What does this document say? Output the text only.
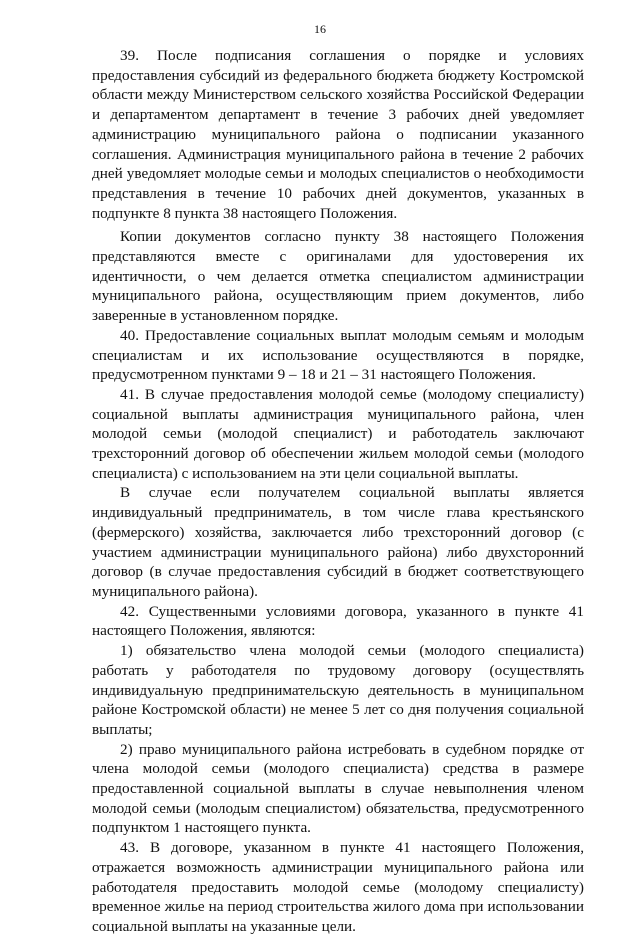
16

39. После подписания соглашения о порядке и условиях предоставления субсидий из федерального бюджета бюджету Костромской области между Министерством сельского хозяйства Российской Федерации и департаментом департамент в течение 3 рабочих дней уведомляет администрацию муниципального района о подписании указанного соглашения. Администрация муниципального района в течение 2 рабочих дней уведомляет молодые семьи и молодых специалистов о необходимости представления в течение 10 рабочих дней документов, указанных в подпункте 8 пункта 38 настоящего Положения.

Копии документов согласно пункту 38 настоящего Положения представляются вместе с оригиналами для удостоверения их идентичности, о чем делается отметка специалистом администрации муниципального района, осуществляющим прием документов, либо заверенные в установленном порядке.

40. Предоставление социальных выплат молодым семьям и молодым специалистам и их использование осуществляются в порядке, предусмотренном пунктами 9 – 18 и 21 – 31 настоящего Положения.

41. В случае предоставления молодой семье (молодому специалисту) социальной выплаты администрация муниципального района, член молодой семьи (молодой специалист) и работодатель заключают трехсторонний договор об обеспечении жильем молодой семьи (молодого специалиста) с использованием на эти цели социальной выплаты.

В случае если получателем социальной выплаты является индивидуальный предприниматель, в том числе глава крестьянского (фермерского) хозяйства, заключается либо трехсторонний договор (с участием администрации муниципального района) либо двухсторонний договор (в случае предоставления субсидий в бюджет соответствующего муниципального района).

42. Существенными условиями договора, указанного в пункте 41 настоящего Положения, являются:

1) обязательство члена молодой семьи (молодого специалиста) работать у работодателя по трудовому договору (осуществлять индивидуальную предпринимательскую деятельность в муниципальном районе Костромской области) не менее 5 лет со дня получения социальной выплаты;

2) право муниципального района истребовать в судебном порядке от члена молодой семьи (молодого специалиста) средства в размере предоставленной социальной выплаты в случае невыполнения членом молодой семьи (молодым специалистом) обязательства, предусмотренного подпунктом 1 настоящего пункта.

43. В договоре, указанном в пункте 41 настоящего Положения, отражается возможность администрации муниципального района или работодателя предоставить молодой семье (молодому специалисту) временное жилье на период строительства жилого дома при использовании социальной выплаты на указанные цели.
